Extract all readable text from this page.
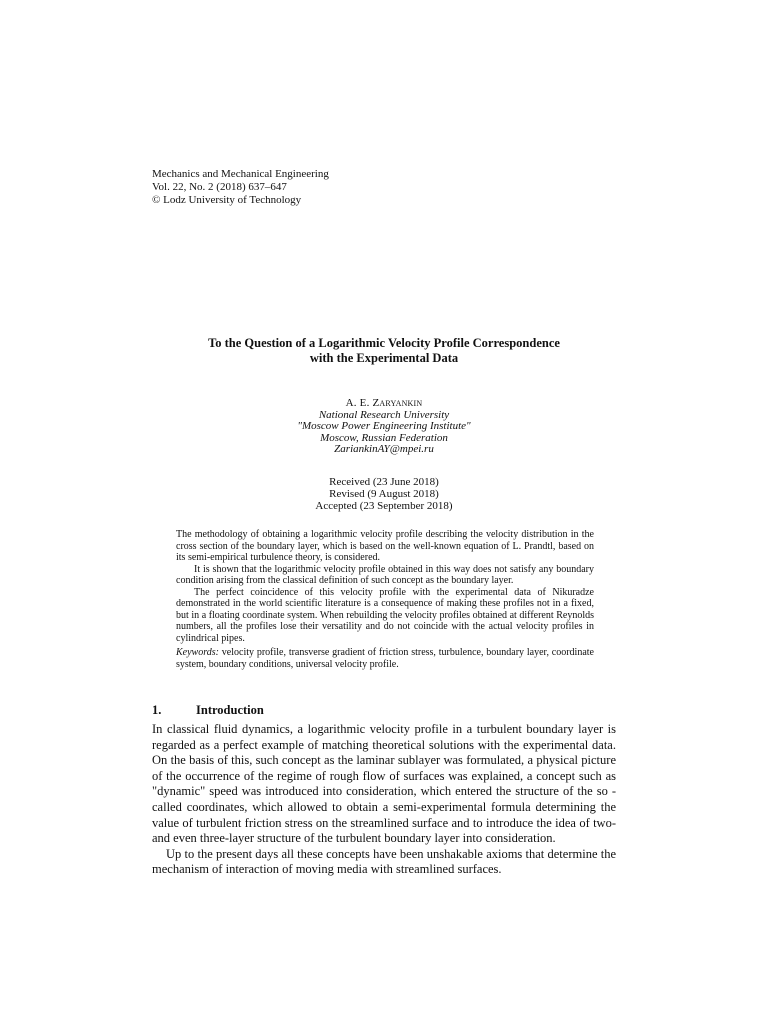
Mechanics and Mechanical Engineering
Vol. 22, No. 2 (2018) 637–647
© Lodz University of Technology
To the Question of a Logarithmic Velocity Profile Correspondence
with the Experimental Data
A. E. Zaryankin
National Research University
"Moscow Power Engineering Institute"
Moscow, Russian Federation
ZariankinAY@mpei.ru
Received (23 June 2018)
Revised (9 August 2018)
Accepted (23 September 2018)

The methodology of obtaining a logarithmic velocity profile describing the velocity distribution in the cross section of the boundary layer, which is based on the well-known equation of L. Prandtl, based on its semi-empirical turbulence theory, is considered.

It is shown that the logarithmic velocity profile obtained in this way does not satisfy any boundary condition arising from the classical definition of such concept as the boundary layer.

The perfect coincidence of this velocity profile with the experimental data of Nikuradze demonstrated in the world scientific literature is a consequence of making these profiles not in a fixed, but in a floating coordinate system. When rebuilding the velocity profiles obtained at different Reynolds numbers, all the profiles lose their versatility and do not coincide with the actual velocity profiles in cylindrical pipes.

Keywords: velocity profile, transverse gradient of friction stress, turbulence, boundary layer, coordinate system, boundary conditions, universal velocity profile.

1.	Introduction

In classical fluid dynamics, a logarithmic velocity profile in a turbulent boundary layer is regarded as a perfect example of matching theoretical solutions with the experimental data. On the basis of this, such concept as the laminar sublayer was formulated, a physical picture of the occurrence of the regime of rough flow of surfaces was explained, a concept such as "dynamic" speed was introduced into consideration, which entered the structure of the so - called coordinates, which allowed to obtain a semi-experimental formula determining the value of turbulent friction stress on the streamlined surface and to introduce the idea of two-and even three-layer structure of the turbulent boundary layer into consideration.

Up to the present days all these concepts have been unshakable axioms that determine the mechanism of interaction of moving media with streamlined surfaces.
